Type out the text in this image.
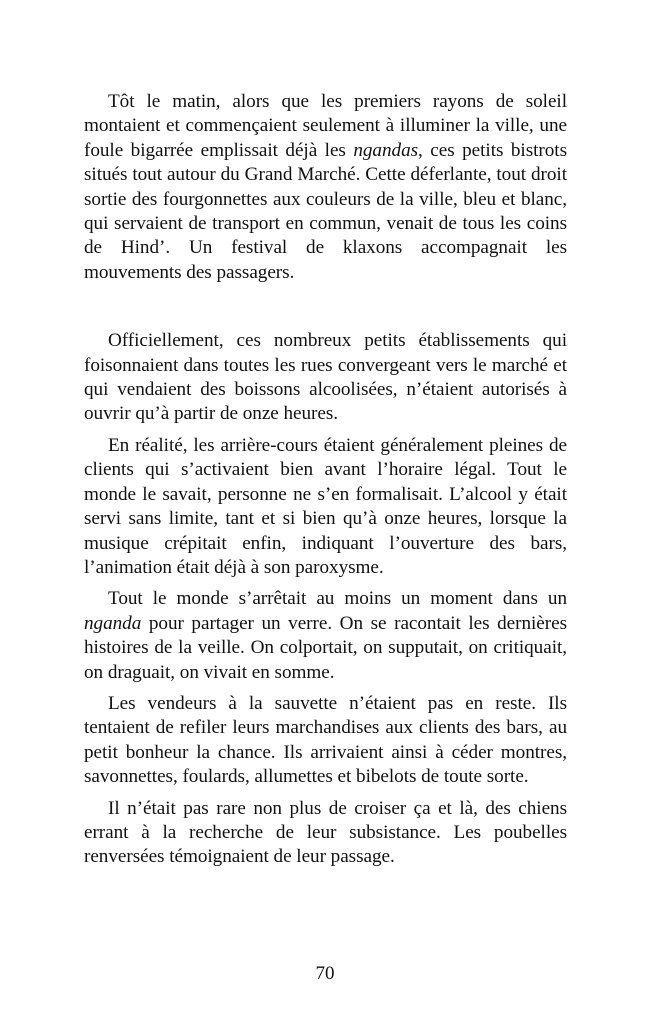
Tôt le matin, alors que les premiers rayons de soleil montaient et commençaient seulement à illuminer la ville, une foule bigarrée emplissait déjà les ngandas, ces petits bistrots situés tout autour du Grand Marché. Cette déferlante, tout droit sortie des fourgonnettes aux couleurs de la ville, bleu et blanc, qui servaient de transport en commun, venait de tous les coins de Hind’. Un festival de klaxons accompagnait les mouvements des passagers.

Officiellement, ces nombreux petits établissements qui foisonnaient dans toutes les rues convergeant vers le marché et qui vendaient des boissons alcoolisées, n’étaient autorisés à ouvrir qu’à partir de onze heures.

En réalité, les arrière-cours étaient généralement pleines de clients qui s’activaient bien avant l’horaire légal. Tout le monde le savait, personne ne s’en formalisait. L’alcool y était servi sans limite, tant et si bien qu’à onze heures, lorsque la musique crépitait enfin, indiquant l’ouverture des bars, l’animation était déjà à son paroxysme.

Tout le monde s’arrêtait au moins un moment dans un nganda pour partager un verre. On se racontait les dernières histoires de la veille. On colportait, on supputait, on critiquait, on draguait, on vivait en somme.

Les vendeurs à la sauvette n’étaient pas en reste. Ils tentaient de refiler leurs marchandises aux clients des bars, au petit bonheur la chance. Ils arrivaient ainsi à céder montres, savonnettes, foulards, allumettes et bibelots de toute sorte.

Il n’était pas rare non plus de croiser ça et là, des chiens errant à la recherche de leur subsistance. Les poubelles renversées témoignaient de leur passage.

70
